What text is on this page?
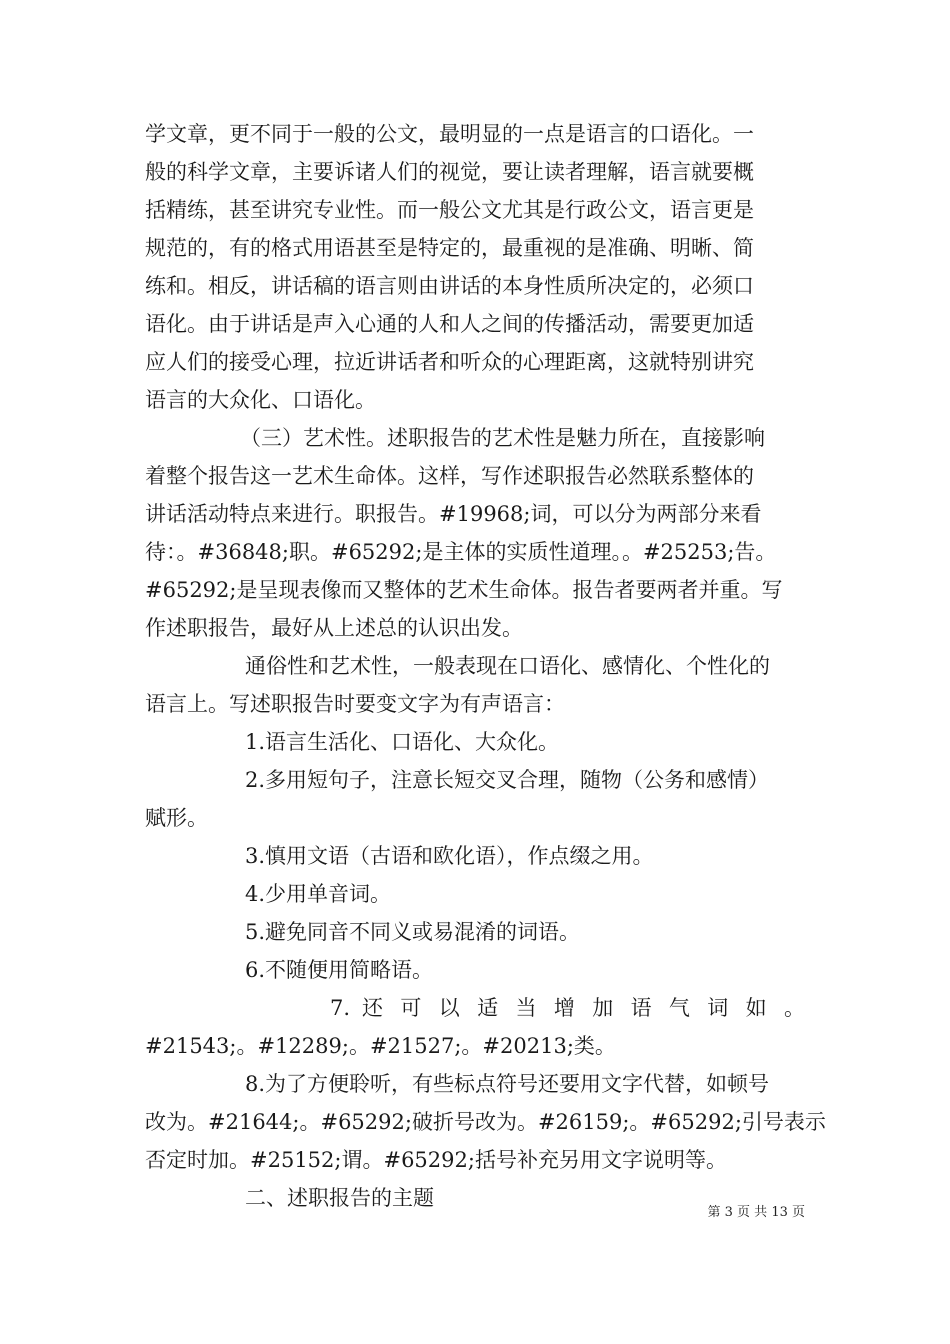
学文章，更不同于一般的公文，最明显的一点是语言的口语化。一
般的科学文章，主要诉诸人们的视觉，要让读者理解，语言就要概
括精练，甚至讲究专业性。而一般公文尤其是行政公文，语言更是
规范的，有的格式用语甚至是特定的，最重视的是准确、明晰、简
练和。相反，讲话稿的语言则由讲话的本身性质所决定的，必须口
语化。由于讲话是声入心通的人和人之间的传播活动，需要更加适
应人们的接受心理，拉近讲话者和听众的心理距离，这就特别讲究
语言的大众化、口语化。
（三）艺术性。述职报告的艺术性是魅力所在，直接影响
着整个报告这一艺术生命体。这样，写作述职报告必然联系整体的
讲话活动特点来进行。职报告。#19968;词，可以分为两部分来看
待：。#36848;职。#65292;是主体的实质性道理。。#25253;告。
#65292;是呈现表像而又整体的艺术生命体。报告者要两者并重。写
作述职报告，最好从上述总的认识出发。
通俗性和艺术性，一般表现在口语化、感情化、个性化的
语言上。写述职报告时要变文字为有声语言：
1.语言生活化、口语化、大众化。
2.多用短句子，注意长短交叉合理，随物（公务和感情）
赋形。
3.慎用文语（古语和欧化语），作点缀之用。
4.少用单音词。
5.避免同音不同义或易混淆的词语。
6.不随便用简略语。
7. 还 可 以 适 当 增 加 语 气 词 如 。
#21543;。#12289;。#21527;。#20213;类。
8.为了方便聆听，有些标点符号还要用文字代替，如顿号
改为。#21644;。#65292;破折号改为。#26159;。#65292;引号表示
否定时加。#25152;谓。#65292;括号补充另用文字说明等。
二、述职报告的主题
第 3 页 共 13 页
